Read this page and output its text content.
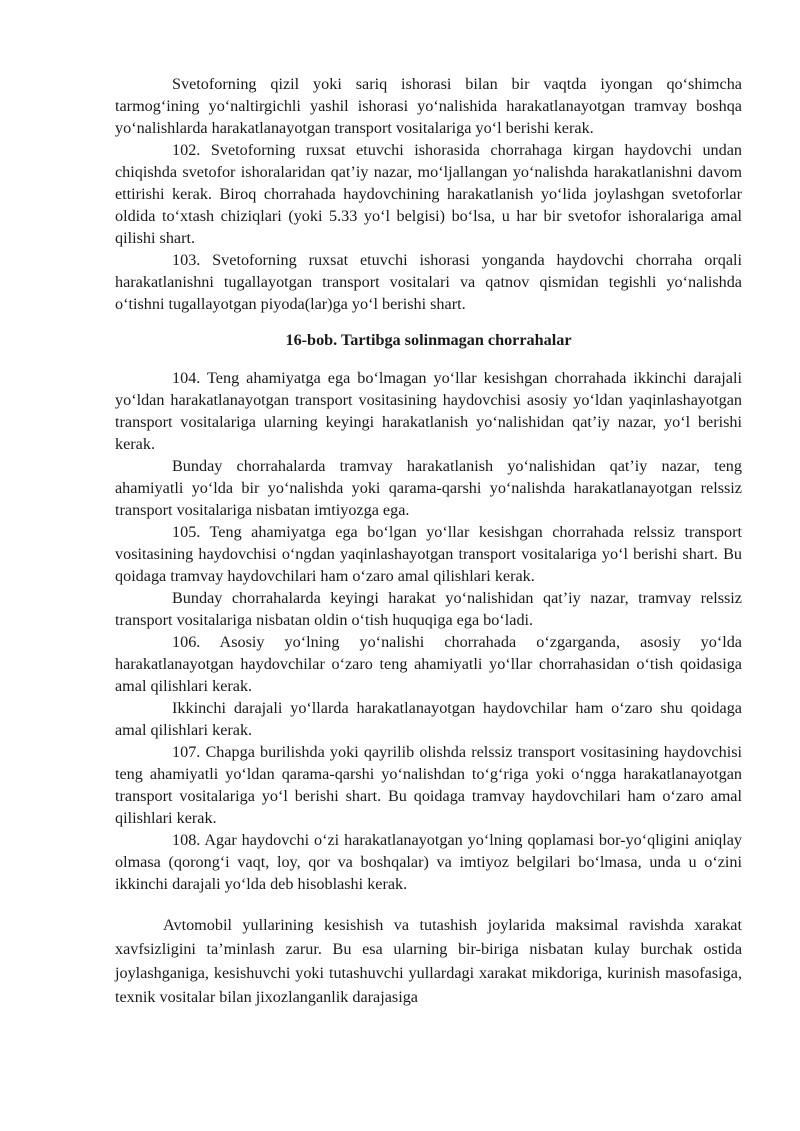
Svetoforning qizil yoki sariq ishorasi bilan bir vaqtda iyongan qo‘shimcha tarmog‘ining yo‘naltirgichli yashil ishorasi yo‘nalishida harakatlanayotgan tramvay boshqa yo‘nalishlarda harakatlanayotgan transport vositalariga yo‘l berishi kerak.

102. Svetoforning ruxsat etuvchi ishorasida chorrahaga kirgan haydovchi undan chiqishda svetofor ishoralaridan qat’iy nazar, mo‘ljallangan yo‘nalishda harakatlanishni davom ettirishi kerak. Biroq chorrahada haydovchining harakatlanish yo‘lida joylashgan svetoforlar oldida to‘xtash chiziqlari (yoki 5.33 yo‘l belgisi) bo‘lsa, u har bir svetofor ishoralariga amal qilishi shart.

103. Svetoforning ruxsat etuvchi ishorasi yonganda haydovchi chorraha orqali harakatlanishni tugallayotgan transport vositalari va qatnov qismidan tegishli yo‘nalishda o‘tishni tugallayotgan piyoda(lar)ga yo‘l berishi shart.

16-bob. Tartibga solinmagan chorrahalar

104. Teng ahamiyatga ega bo‘lmagan yo‘llar kesishgan chorrahada ikkinchi darajali yo‘ldan harakatlanayotgan transport vositasining haydovchisi asosiy yo‘ldan yaqinlashayotgan transport vositalariga ularning keyingi harakatlanish yo‘nalishidan qat’iy nazar, yo‘l berishi kerak.

Bunday chorrahalarda tramvay harakatlanish yo‘nalishidan qat’iy nazar, teng ahamiyatli yo‘lda bir yo‘nalishda yoki qarama-qarshi yo‘nalishda harakatlanayotgan relssiz transport vositalariga nisbatan imtiyozga ega.

105. Teng ahamiyatga ega bo‘lgan yo‘llar kesishgan chorrahada relssiz transport vositasining haydovchisi o‘ngdan yaqinlashayotgan transport vositalariga yo‘l berishi shart. Bu qoidaga tramvay haydovchilari ham o‘zaro amal qilishlari kerak.

Bunday chorrahalarda keyingi harakat yo‘nalishidan qat’iy nazar, tramvay relssiz transport vositalariga nisbatan oldin o‘tish huquqiga ega bo‘ladi.

106. Asosiy yo‘lning yo‘nalishi chorrahada o‘zgarganda, asosiy yo‘lda harakatlanayotgan haydovchilar o‘zaro teng ahamiyatli yo‘llar chorrahasidan o‘tish qoidasiga amal qilishlari kerak.

Ikkinchi darajali yo‘llarda harakatlanayotgan haydovchilar ham o‘zaro shu qoidaga amal qilishlari kerak.

107. Chapga burilishda yoki qayrilib olishda relssiz transport vositasining haydovchisi teng ahamiyatli yo‘ldan qarama-qarshi yo‘nalishdan to‘g‘riga yoki o‘ngga harakatlanayotgan transport vositalariga yo‘l berishi shart. Bu qoidaga tramvay haydovchilari ham o‘zaro amal qilishlari kerak.

108. Agar haydovchi o‘zi harakatlanayotgan yo‘lning qoplamasi bor-yo‘qligini aniqlay olmasa (qorong‘i vaqt, loy, qor va boshqalar) va imtiyoz belgilari bo‘lmasa, unda u o‘zini ikkinchi darajali yo‘lda deb hisoblashi kerak.

Avtomobil yullarining kesishish va tutashish joylarida maksimal ravishda xarakat xavfsizligini ta’minlash zarur. Bu esa ularning bir-biriga nisbatan kulay burchak ostida joylashganiga, kesishuvchi yoki tutashuvchi yullardagi xarakat mikdoriga, kurinish masofasiga, texnik vositalar bilan jixozlanganlik darajasiga
